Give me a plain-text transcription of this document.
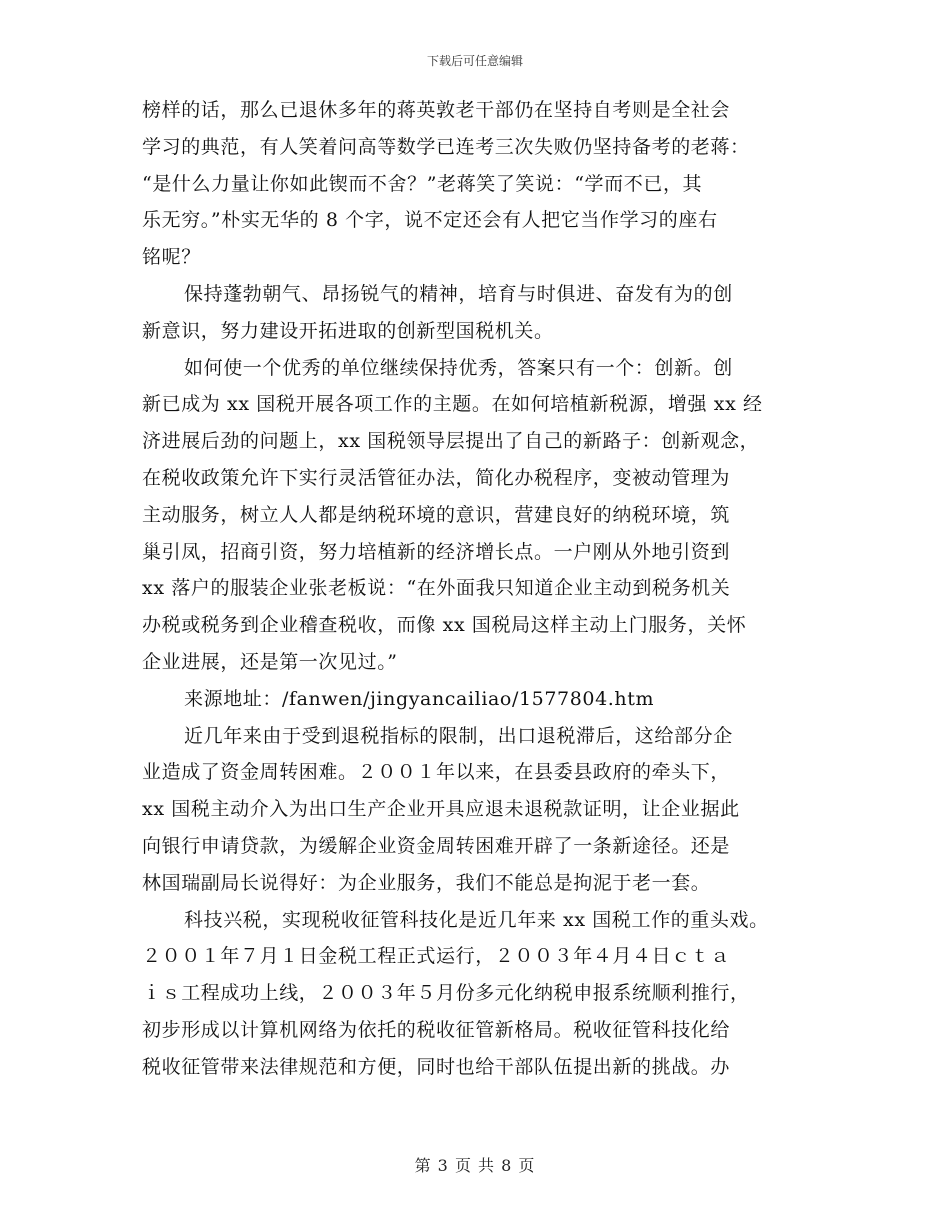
下载后可任意编辑
榜样的话，那么已退休多年的蒋英敦老干部仍在坚持自考则是全社会
学习的典范，有人笑着问高等数学已连考三次失败仍坚持备考的老蒋：
“是什么力量让你如此锲而不舍？”老蒋笑了笑说：“学而不已，其
乐无穷。”朴实无华的 8 个字，说不定还会有人把它当作学习的座右
铭呢？
保持蓬勃朝气、昂扬锐气的精神，培育与时俱进、奋发有为的创
新意识，努力建设开拓进取的创新型国税机关。
如何使一个优秀的单位继续保持优秀，答案只有一个：创新。创
新已成为 xx 国税开展各项工作的主题。在如何培植新税源，增强 xx 经
济进展后劲的问题上，xx 国税领导层提出了自己的新路子：创新观念，
在税收政策允许下实行灵活管征办法，简化办税程序，变被动管理为
主动服务，树立人人都是纳税环境的意识，营建良好的纳税环境，筑
巢引凤，招商引资，努力培植新的经济增长点。一户刚从外地引资到
xx 落户的服装企业张老板说：“在外面我只知道企业主动到税务机关
办税或税务到企业稽查税收，而像 xx 国税局这样主动上门服务，关怀
企业进展，还是第一次见过。”
来源地址：/fanwen/jingyancailiao/1577804.htm
近几年来由于受到退税指标的限制，出口退税滞后，这给部分企
业造成了资金周转困难。２００１年以来，在县委县政府的牵头下，
xx 国税主动介入为出口生产企业开具应退未退税款证明，让企业据此
向银行申请贷款，为缓解企业资金周转困难开辟了一条新途径。还是
林国瑞副局长说得好：为企业服务，我们不能总是拘泥于老一套。
科技兴税，实现税收征管科技化是近几年来 xx 国税工作的重头戏。
２００１年７月１日金税工程正式运行，２００３年４月４日ｃｔａ
ｉｓ工程成功上线，２００３年５月份多元化纳税申报系统顺利推行，
初步形成以计算机网络为依托的税收征管新格局。税收征管科技化给
税收征管带来法律规范和方便，同时也给干部队伍提出新的挑战。办
第 3 页 共 8 页
